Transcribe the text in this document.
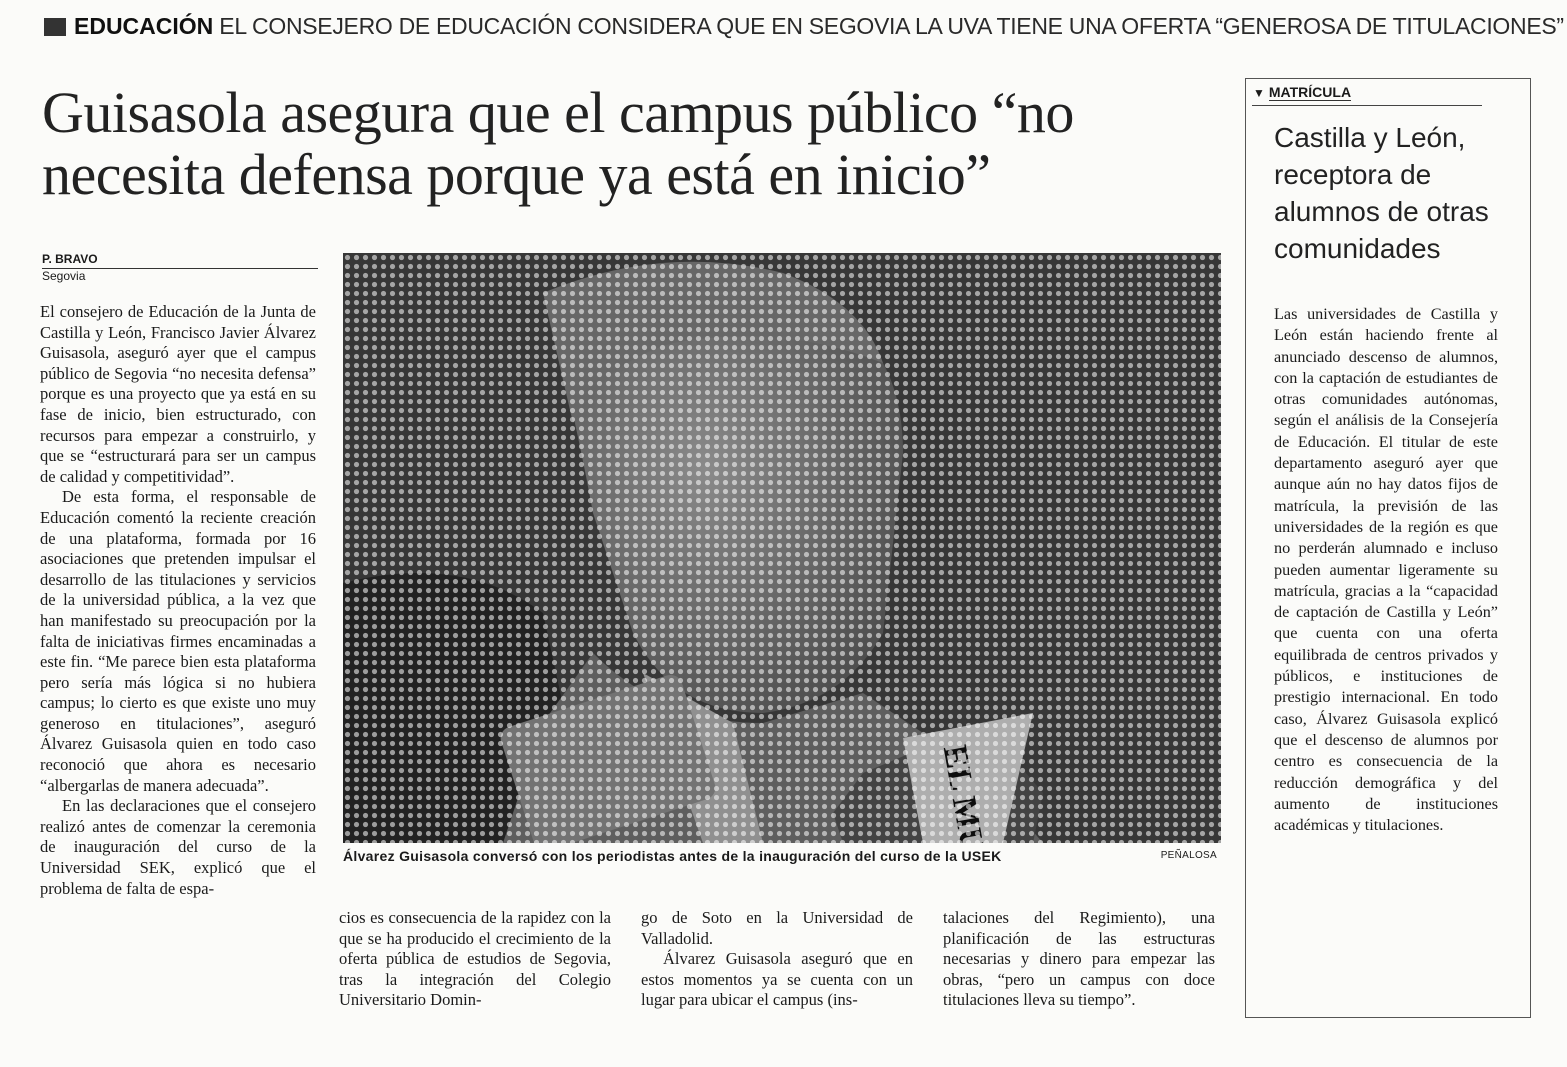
EDUCACIÓN EL CONSEJERO DE EDUCACIÓN CONSIDERA QUE EN SEGOVIA LA UVA TIENE UNA OFERTA “GENEROSA DE TITULACIONES”
Guisasola asegura que el campus público “no necesita defensa porque ya está en inicio”
P. BRAVO
Segovia

El consejero de Educación de la Junta de Castilla y León, Francisco Javier Álvarez Guisasola, aseguró ayer que el campus público de Segovia “no necesita defensa” porque es una proyecto que ya está en su fase de inicio, bien estructurado, con recursos para empezar a construirlo, y que se “estructurará para ser un campus de calidad y competitividad”.

De esta forma, el responsable de Educación comentó la reciente creación de una plataforma, formada por 16 asociaciones que pretenden impulsar el desarrollo de las titulaciones y servicios de la universidad pública, a la vez que han manifestado su preocupación por la falta de iniciativas firmes encaminadas a este fin. “Me parece bien esta plataforma pero sería más lógica si no hubiera campus; lo cierto es que existe uno muy generoso en titulaciones”, aseguró Álvarez Guisasola quien en todo caso reconoció que ahora es necesario “albergarlas de manera adecuada”.

En las declaraciones que el consejero realizó antes de comenzar la ceremonia de inauguración del curso de la Universidad SEK, explicó que el problema de falta de espa-

Álvarez Guisasola conversó con los periodistas antes de la inauguración del curso de la USEK	PEÑALOSA

cios es consecuencia de la rapidez con la que se ha producido el crecimiento de la oferta pública de estudios de Segovia, tras la integración del Colegio Universitario Domin-

go de Soto en la Universidad de Valladolid.

Álvarez Guisasola aseguró que en estos momentos ya se cuenta con un lugar para ubicar el campus (ins-

talaciones del Regimiento), una planificación de las estructuras necesarias y dinero para empezar las obras, “pero un campus con doce titulaciones lleva su tiempo”.

▼ MATRÍCULA
Castilla y León, receptora de alumnos de otras comunidades

Las universidades de Castilla y León están haciendo frente al anunciado descenso de alumnos, con la captación de estudiantes de otras comunidades autónomas, según el análisis de la Consejería de Educación. El titular de este departamento aseguró ayer que aunque aún no hay datos fijos de matrícula, la previsión de las universidades de la región es que no perderán alumnado e incluso pueden aumentar ligeramente su matrícula, gracias a la “capacidad de captación de Castilla y León” que cuenta con una oferta equilibrada de centros privados y públicos, e instituciones de prestigio internacional. En todo caso, Álvarez Guisasola explicó que el descenso de alumnos por centro es consecuencia de la reducción demográfica y del aumento de instituciones académicas y titulaciones.
